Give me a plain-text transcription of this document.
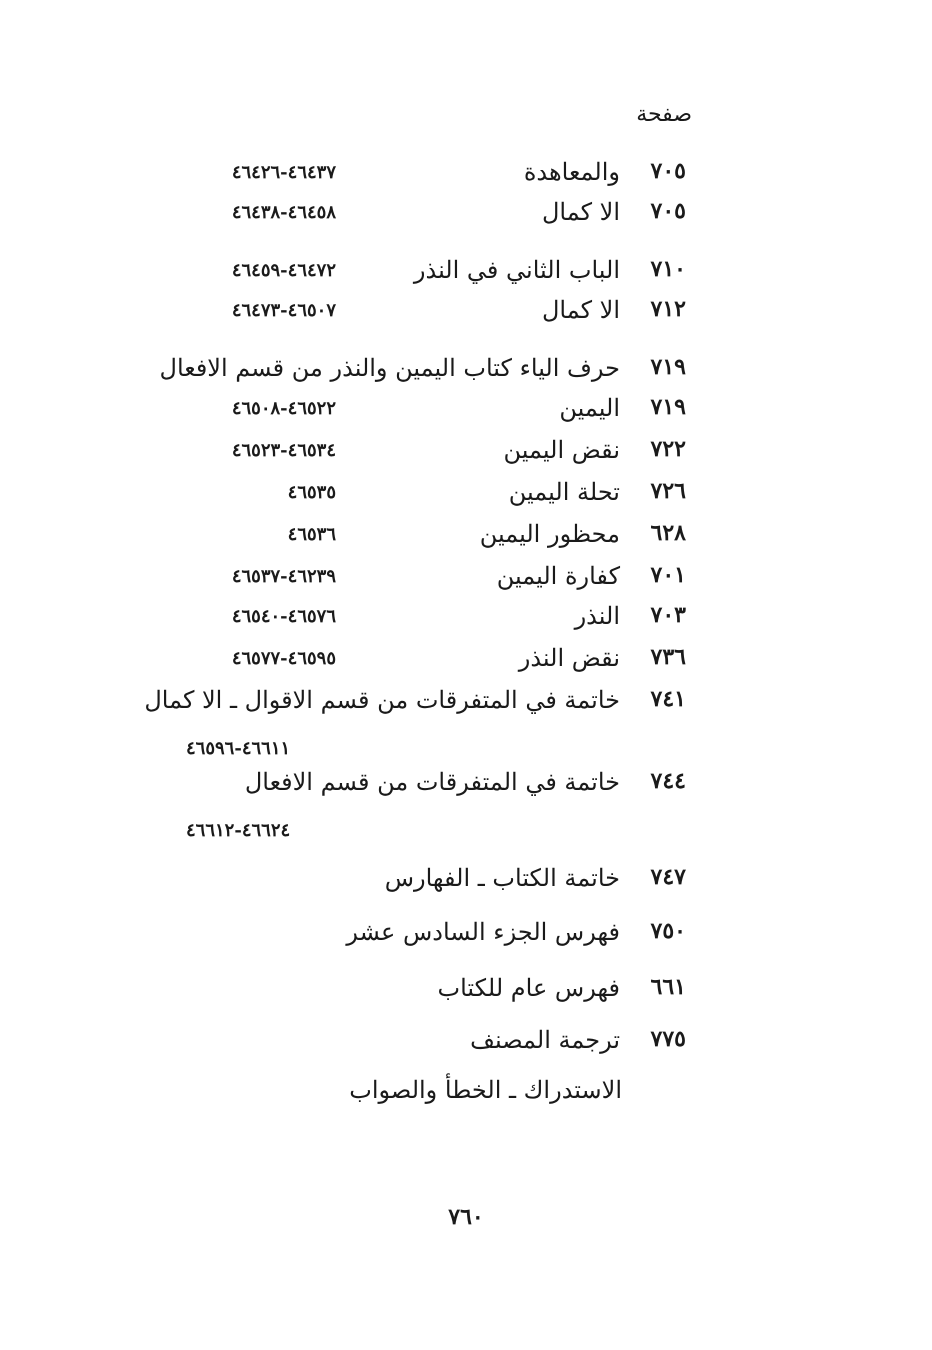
صفحة
٧٠٥
والمعاهدة
٤٦٤٣٧-٤٦٤٢٦
٧٠٥
الا كمال
٤٦٤٥٨-٤٦٤٣٨
٧١٠
الباب الثاني في النذر
٤٦٤٧٢-٤٦٤٥٩
٧١٢
الا كمال
٤٦٥٠٧-٤٦٤٧٣
٧١٩
حرف الياء كتاب اليمين والنذر من قسم الافعال
٧١٩
اليمين
٤٦٥٢٢-٤٦٥٠٨
٧٢٢
نقض اليمين
٤٦٥٣٤-٤٦٥٢٣
٧٢٦
تحلة اليمين
٤٦٥٣٥
٦٢٨
محظور اليمين
٤٦٥٣٦
٧٠١
كفارة اليمين
٤٦٢٣٩-٤٦٥٣٧
٧٠٣
النذر
٤٦٥٧٦-٤٦٥٤٠
٧٣٦
نقض النذر
٤٦٥٩٥-٤٦٥٧٧
٧٤١
خاتمة في المتفرقات من قسم الاقوال ـ الا كمال
٤٦٦١١-٤٦٥٩٦
٧٤٤
خاتمة في المتفرقات من قسم الافعال
٤٦٦٢٤-٤٦٦١٢
٧٤٧
خاتمة الكتاب ـ الفهارس
٧٥٠
فهرس الجزء السادس عشر
٦٦١
فهرس عام للكتاب
٧٧٥
ترجمة المصنف
الاستدراك ـ الخطأ والصواب
٧٦٠
